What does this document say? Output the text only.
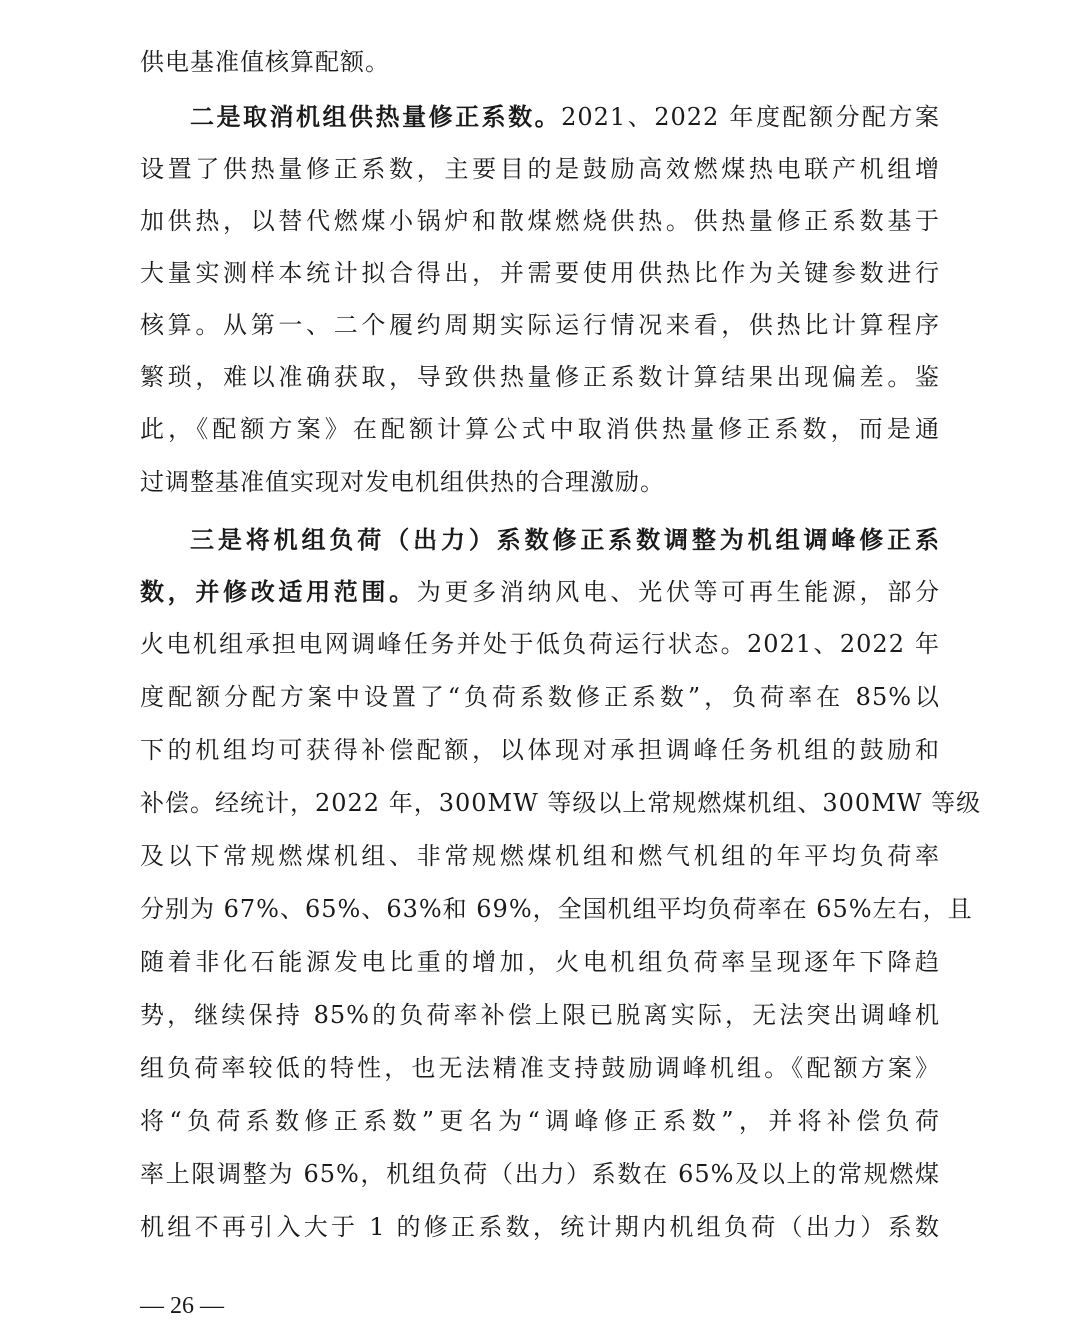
供电基准值核算配额。
二是取消机组供热量修正系数。2021、2022 年度配额分配方案
设置了供热量修正系数，主要目的是鼓励高效燃煤热电联产机组增
加供热，以替代燃煤小锅炉和散煤燃烧供热。供热量修正系数基于
大量实测样本统计拟合得出，并需要使用供热比作为关键参数进行
核算。从第一、二个履约周期实际运行情况来看，供热比计算程序
繁琐，难以准确获取，导致供热量修正系数计算结果出现偏差。鉴
此，《配额方案》在配额计算公式中取消供热量修正系数，而是通
过调整基准值实现对发电机组供热的合理激励。
三是将机组负荷（出力）系数修正系数调整为机组调峰修正系
数，并修改适用范围。为更多消纳风电、光伏等可再生能源，部分
火电机组承担电网调峰任务并处于低负荷运行状态。2021、2022 年
度配额分配方案中设置了“负荷系数修正系数”，负荷率在 85%以
下的机组均可获得补偿配额，以体现对承担调峰任务机组的鼓励和
补偿。经统计，2022 年，300MW 等级以上常规燃煤机组、300MW 等级
及以下常规燃煤机组、非常规燃煤机组和燃气机组的年平均负荷率
分别为 67%、65%、63%和 69%，全国机组平均负荷率在 65%左右，且
随着非化石能源发电比重的增加，火电机组负荷率呈现逐年下降趋
势，继续保持 85%的负荷率补偿上限已脱离实际，无法突出调峰机
组负荷率较低的特性，也无法精准支持鼓励调峰机组。《配额方案》
将“负荷系数修正系数”更名为“调峰修正系数”，并将补偿负荷
率上限调整为 65%，机组负荷（出力）系数在 65%及以上的常规燃煤
机组不再引入大于 1 的修正系数，统计期内机组负荷（出力）系数
— 26 —
